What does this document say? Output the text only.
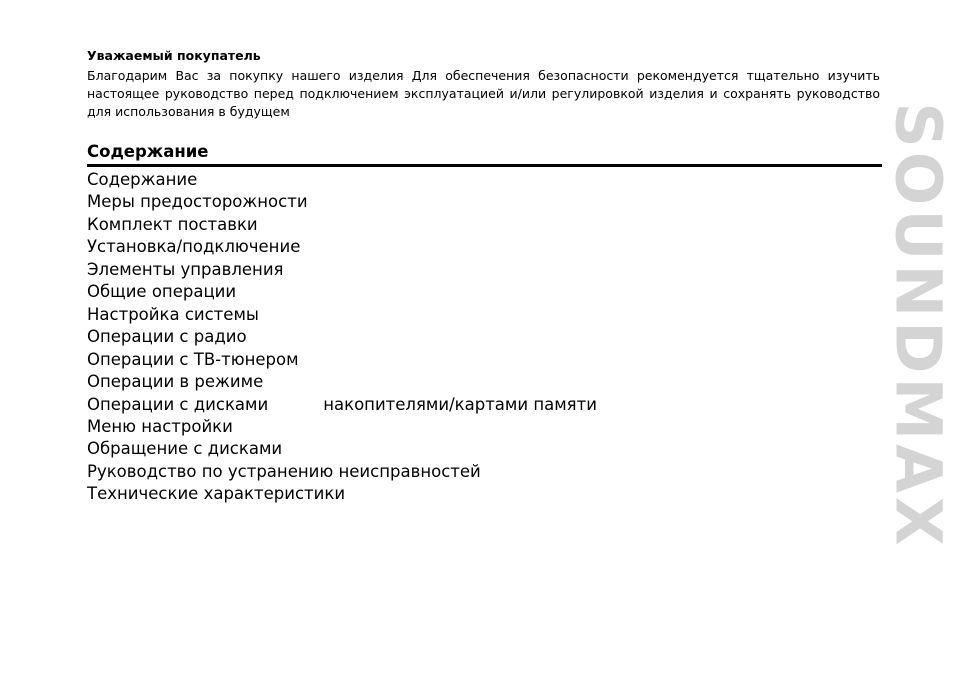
Уважаемый покупатель

Благодарим Вас за покупку нашего изделия Для обеспечения безопасности рекомендуется тщательно изучить настоящее руководство перед подключением эксплуатацией и/или регулировкой изделия и сохранять руководство для использования в будущем
Содержание
Содержание
Меры предосторожности
Комплект поставки
Установка/подключение
Элементы управления
Общие операции
Настройка системы
Операции с радио
Операции с ТВ-тюнером
Операции в режиме
Операции с дисками	накопителями/картами памяти
Меню настройки
Обращение с дисками
Руководство по устранению неисправностей
Технические характеристики	SOUNDMAX
